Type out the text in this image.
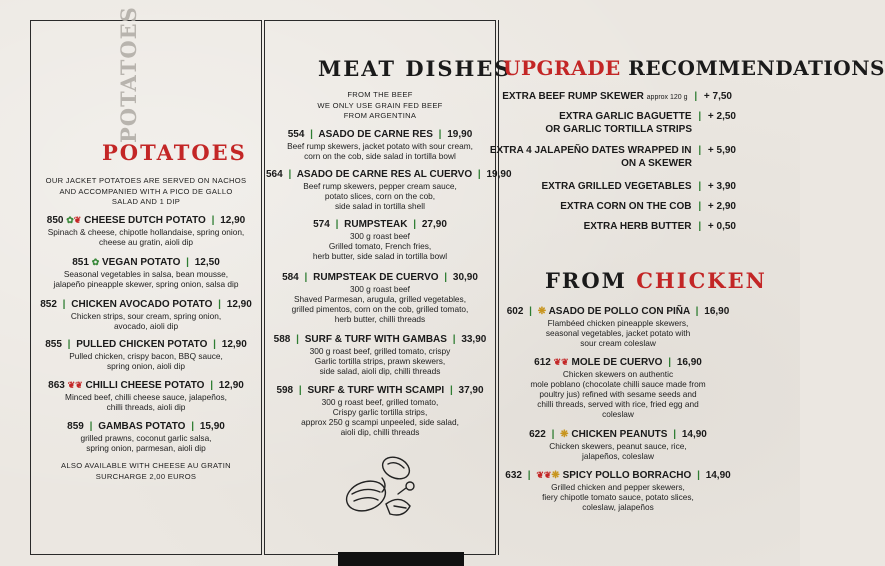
POTATOES
POTATOES
OUR JACKET POTATOES ARE SERVED ON NACHOS
AND ACCOMPANIED WITH A PICO DE GALLO
SALAD AND 1 DIP
850 ✿❦ CHEESE DUTCH POTATO | 12,90
Spinach & cheese, chipotle hollandaise, spring onion,
cheese au gratin, aioli dip
851 ✿ VEGAN POTATO | 12,50
Seasonal vegetables in salsa, bean mousse,
jalapeño pineapple skewer, spring onion, salsa dip
852 | CHICKEN AVOCADO POTATO | 12,90
Chicken strips, sour cream, spring onion,
avocado, aioli dip
855 | PULLED CHICKEN POTATO | 12,90
Pulled chicken, crispy bacon, BBQ sauce,
spring onion, aioli dip
863 ❦❦ CHILLI CHEESE POTATO | 12,90
Minced beef, chilli cheese sauce, jalapeños,
chilli threads, aioli dip
859 | GAMBAS POTATO | 15,90
grilled prawns, coconut garlic salsa,
spring onion, parmesan, aioli dip
ALSO AVAILABLE WITH CHEESE AU GRATIN
SURCHARGE 2,00 EUROS
MEAT DISHES
FROM THE BEEF
WE ONLY USE GRAIN FED BEEF
FROM ARGENTINA
554 | ASADO DE CARNE RES | 19,90
Beef rump skewers, jacket potato with sour cream,
corn on the cob, side salad in tortilla bowl
564 | ASADO DE CARNE RES AL CUERVO | 19,90
Beef rump skewers, pepper cream sauce,
potato slices, corn on the cob,
side salad in tortilla shell
574 | RUMPSTEAK | 27,90
300 g roast beef
Grilled tomato, French fries,
herb butter, side salad in tortilla bowl
584 | RUMPSTEAK DE CUERVO | 30,90
300 g roast beef
Shaved Parmesan, arugula, grilled vegetables,
grilled pimentos, corn on the cob, grilled tomato,
herb butter, chilli threads
588 | SURF & TURF WITH GAMBAS | 33,90
300 g roast beef, grilled tomato, crispy
Garlic tortilla strips, prawn skewers,
side salad, aioli dip, chilli threads
598 | SURF & TURF WITH SCAMPI | 37,90
300 g roast beef, grilled tomato,
Crispy garlic tortilla strips,
approx 250 g scampi unpeeled, side salad,
aioli dip, chilli threads
UPGRADE RECOMMENDATIONS
EXTRA BEEF RUMP SKEWER approx 120 g | + 7,50
EXTRA GARLIC BAGUETTE | + 2,50
OR GARLIC TORTILLA STRIPS
EXTRA 4 JALAPEÑO DATES WRAPPED IN | + 5,90
ON A SKEWER
EXTRA GRILLED VEGETABLES | + 3,90
EXTRA CORN ON THE COB | + 2,90
EXTRA HERB BUTTER | + 0,50
FROM CHICKEN
602 | ❋ ASADO DE POLLO CON PIÑA | 16,90
Flambéed chicken pineapple skewers,
seasonal vegetables, jacket potato with
sour cream coleslaw
612 ❦❦ MOLE DE CUERVO | 16,90
Chicken skewers on authentic
mole poblano (chocolate chilli sauce made from
poultry jus) refined with sesame seeds and
chilli threads, served with rice, fried egg and
coleslaw
622 | ❋ CHICKEN PEANUTS | 14,90
Chicken skewers, peanut sauce, rice,
jalapeños, coleslaw
632 | ❦❦❋ SPICY POLLO BORRACHO | 14,90
Grilled chicken and pepper skewers,
fiery chipotle tomato sauce, potato slices,
coleslaw, jalapeños
